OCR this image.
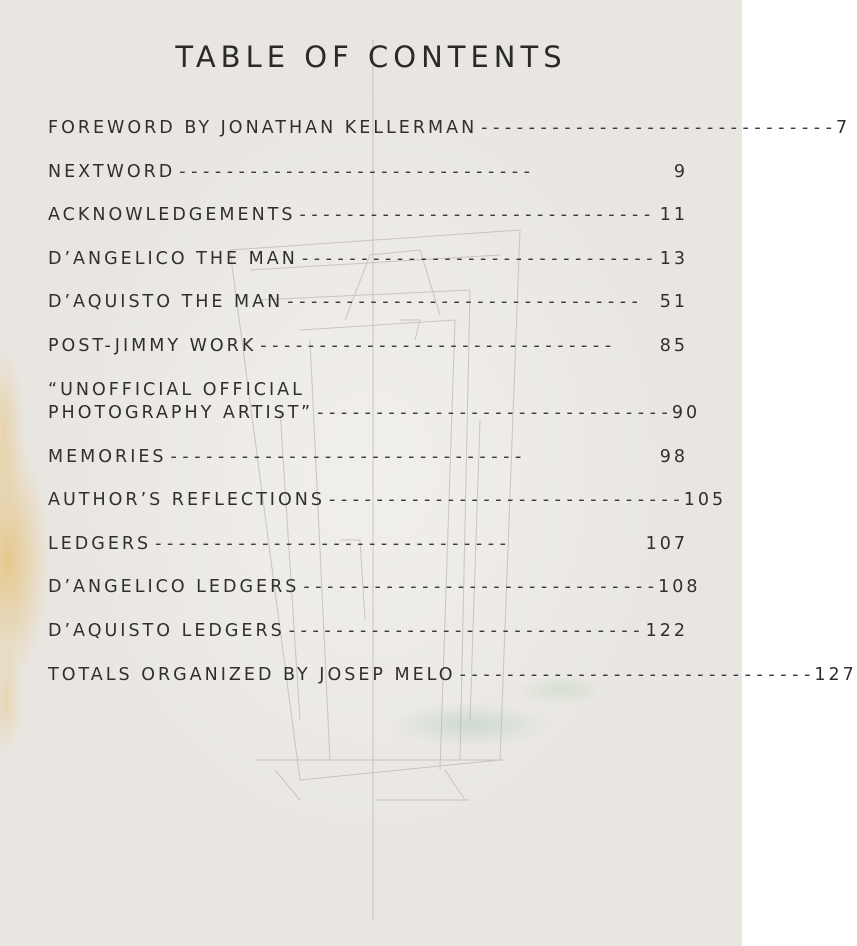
TABLE OF CONTENTS
FOREWORD BY JONATHAN KELLERMAN - - - - - - - - - - - - - - - - - - - - - - - - - - - - - - 7
NEXTWORD - - - - - - - - - - - - - - - - - - - - - - - - - - - - - -	9
ACKNOWLEDGEMENTS - - - - - - - - - - - - - - - - - - - - - - - - - - - - - - 11
D’ANGELICO THE MAN - - - - - - - - - - - - - - - - - - - - - - - - - - - - - - 13
D’AQUISTO THE MAN - - - - - - - - - - - - - - - - - - - - - - - - - - - - - -	51
POST-JIMMY WORK - - - - - - - - - - - - - - - - - - - - - - - - - - - - - -	85
“UNOFFICIAL OFFICIAL
PHOTOGRAPHY ARTIST” - - - - - - - - - - - - - - - - - - - - - - - - - - - - - - 90
MEMORIES - - - - - - - - - - - - - - - - - - - - - - - - - - - - - -	98
AUTHOR’S REFLECTIONS - - - - - - - - - - - - - - - - - - - - - - - - - - - - - - 105
LEDGERS - - - - - - - - - - - - - - - - - - - - - - - - - - - - - -	107
D’ANGELICO LEDGERS - - - - - - - - - - - - - - - - - - - - - - - - - - - - - - 108
D’AQUISTO LEDGERS - - - - - - - - - - - - - - - - - - - - - - - - - - - - - - 122
TOTALS ORGANIZED BY JOSEP MELO - - - - - - - - - - - - - - - - - - - - - - - - - - - - - - 127
